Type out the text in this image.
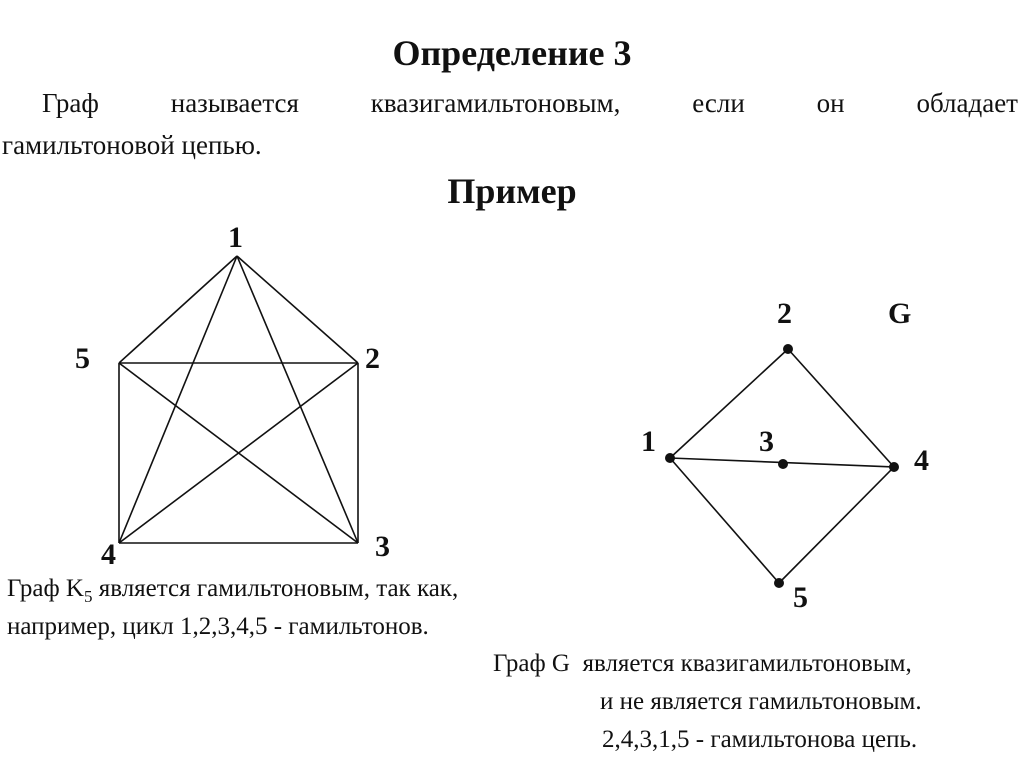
Определение 3
Граф	называется	квазигамильтоновым,	если	он	обладает
гамильтоновой цепью.
Пример
1
2
3
4
5
2	G
1	3
4
5
Граф $K_5$ является гамильтоновым, так как,
например, цикл 1,2,3,4,5 - гамильтонов.
Граф G  является квазигамильтоновым,
и не является гамильтоновым.
2,4,3,1,5 - гамильтонова цепь.
